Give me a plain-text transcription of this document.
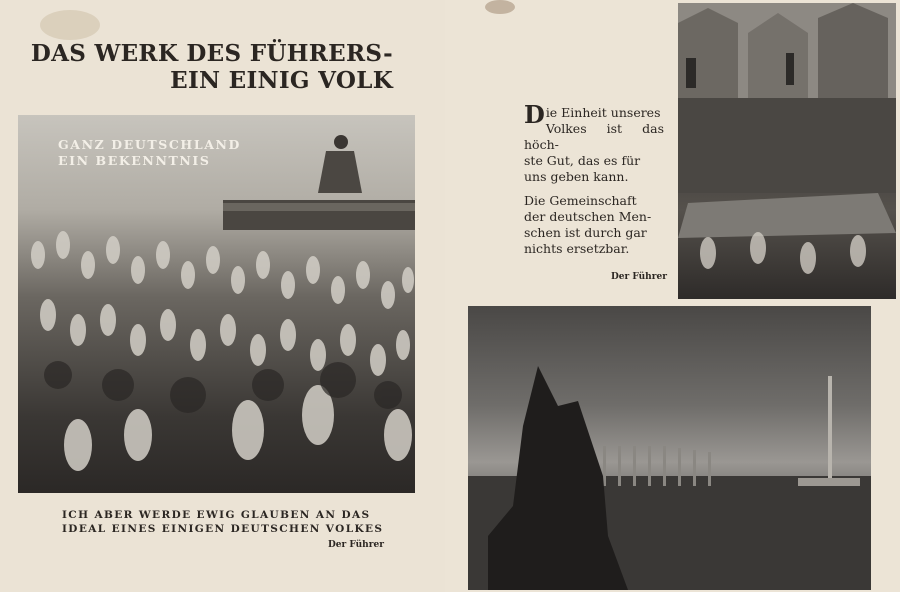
DAS WERK DES FÜHRERS-
EIN EINIG VOLK
GANZ DEUTSCHLAND
EIN BEKENNTNIS
ICH ABER WERDE EWIG GLAUBEN AN DAS
IDEAL EINES EINIGEN DEUTSCHEN VOLKES
Der Führer

D ie Einheit unseres
Volkes ist das höch-
ste Gut, das es für
uns geben kann.

Die Gemeinschaft
der deutschen Men-
schen ist durch gar
nichts ersetzbar.

Der Führer
